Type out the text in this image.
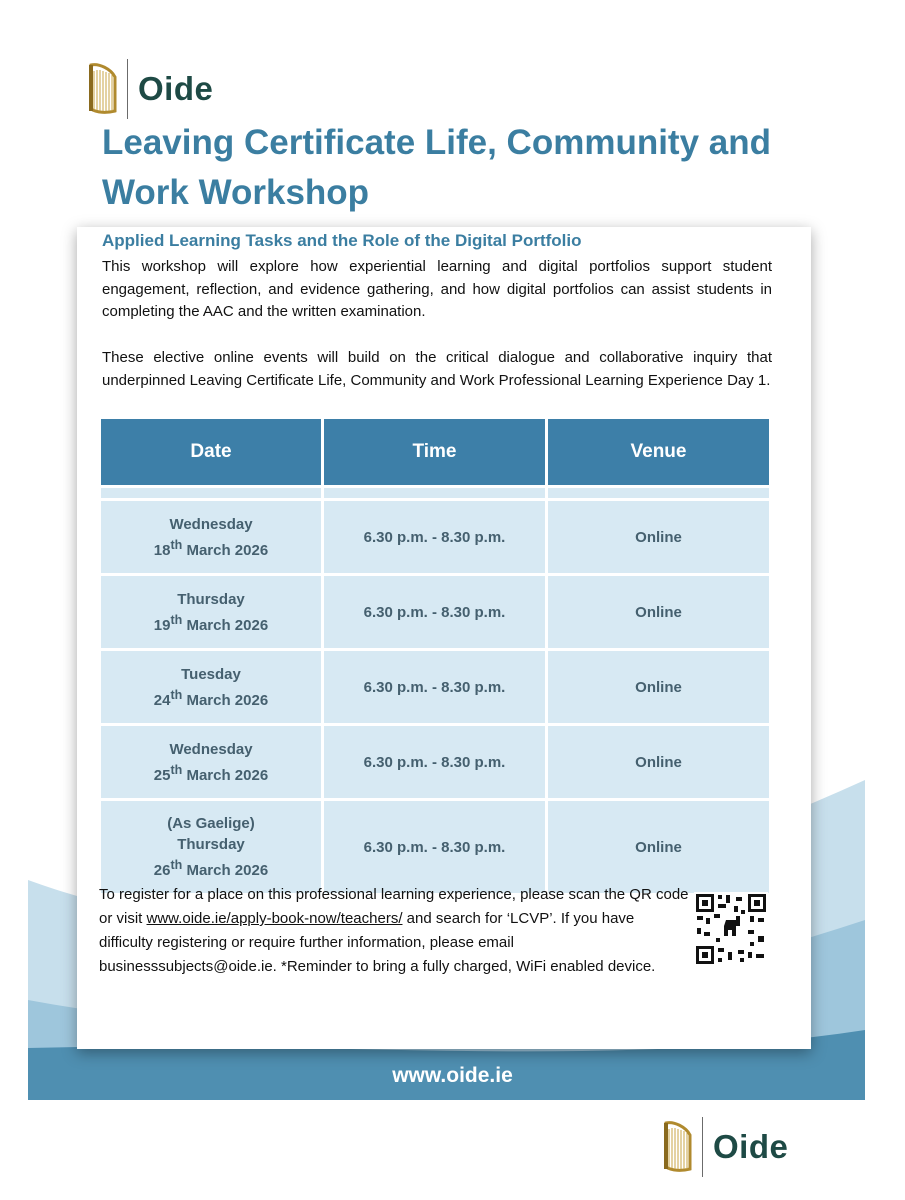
Oide
Leaving Certificate Life, Community and Work Workshop
Applied Learning Tasks and the Role of the Digital Portfolio

This workshop will explore how experiential learning and digital portfolios support student engagement, reflection, and evidence gathering, and how digital portfolios can assist students in completing the AAC and the written examination.

These elective online events will build on the critical dialogue and collaborative inquiry that underpinned Leaving Certificate Life, Community and Work Professional Learning Experience Day 1.

Date	Time	Venue

Wednesday
18th March 2026	6.30 p.m. - 8.30 p.m.	Online

Thursday
19th March 2026	6.30 p.m. - 8.30 p.m.	Online

Tuesday
24th March 2026	6.30 p.m. - 8.30 p.m.	Online

Wednesday
25th March 2026	6.30 p.m. - 8.30 p.m.	Online

(As Gaelige)
Thursday
26th March 2026	6.30 p.m. - 8.30 p.m.	Online

To register for a place on this professional learning experience, please scan the QR code or visit www.oide.ie/apply-book-now/teachers/ and search for ‘LCVP’. If you have difficulty registering or require further information, please email businesssubjects@oide.ie. *Reminder to bring a fully charged, WiFi enabled device.

www.oide.ie
Oide
